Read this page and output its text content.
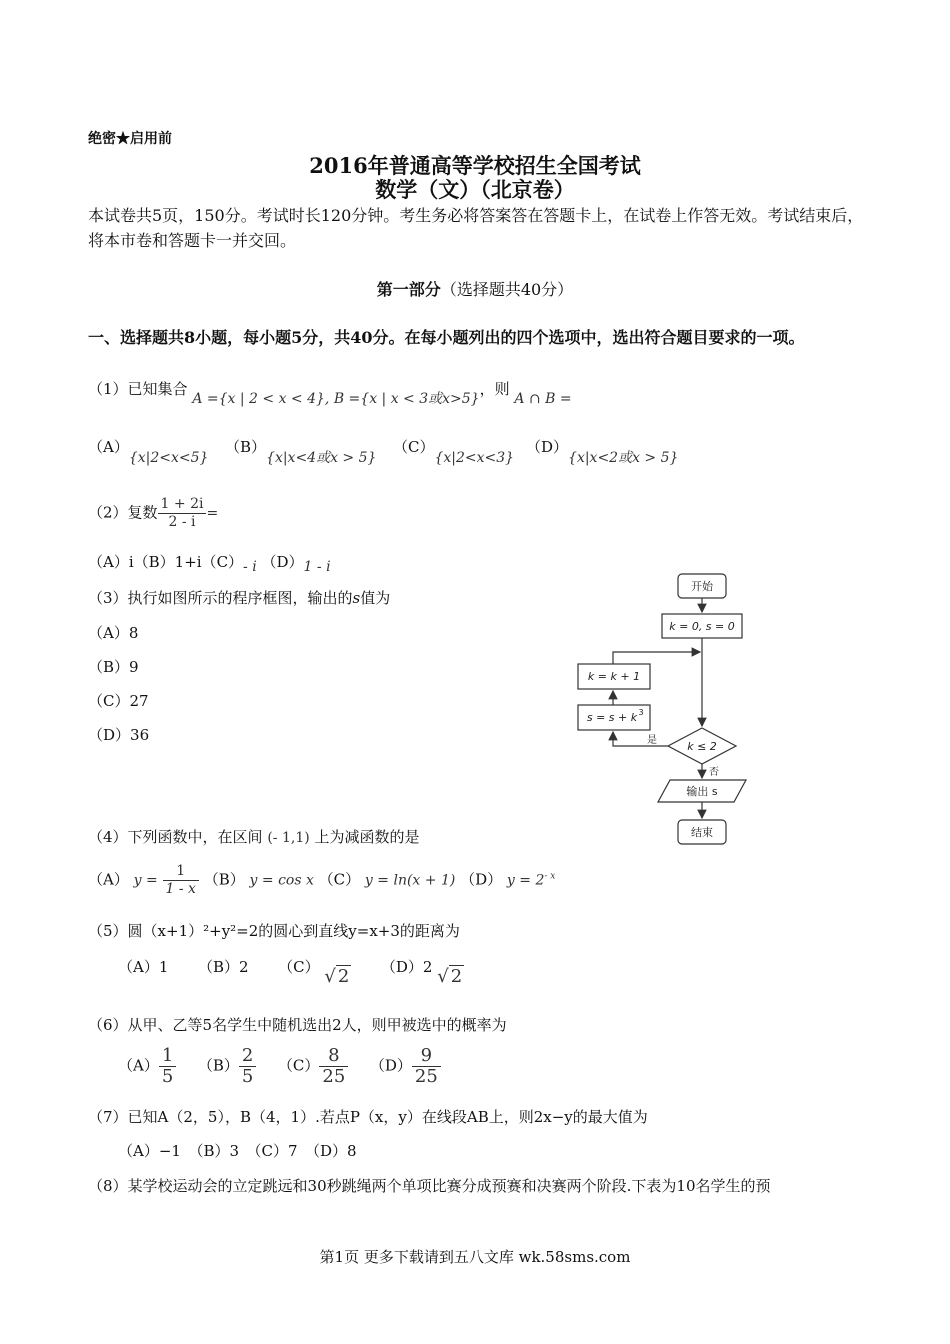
绝密★启用前
2016年普通高等学校招生全国考试
数学（文）（北京卷）
本试卷共5页，150分。考试时长120分钟。考生务必将答案答在答题卡上，在试卷上作答无效。考试结束后，将本市卷和答题卡一并交回。
第一部分（选择题共40分）
一、选择题共8小题，每小题5分，共40分。在每小题列出的四个选项中，选出符合题目要求的一项。
（1）已知集合 A ={x | 2 < x < 4}, B ={x | x < 3或x>5}，则 A ∩ B =
（A）{x|2<x<5}
（B）{x|x<4或x > 5}
（C）{x|2<x<3}
（D）{x|x<2或x > 5}
（2）复数 $\frac{1 + 2i}{2 - i}$ =
（A）i（B）1+i（C）- i （D）1 - i
（3）执行如图所示的程序框图，输出的s值为
（A）8
（B）9
（C）27
（D）36
开始
k = 0, s = 0
k ≤ 2
k = k + 1
s = s + k 3
是
否
输出 s
结束
（4）下列函数中，在区间 (- 1,1) 上为减函数的是
（A） $y = \frac{1}{1 - x} (B) y = \cos x$ （C） y = ln(x + 1) （D） $y = 2^{- x}$
（5）圆（x+1）²+y²=2的圆心到直线y=x+3的距离为
（A）1 （B）2 （C） √ 2 （D）2 √ 2
（6）从甲、乙等5名学生中随机选出2人，则甲被选中的概率为
$(A) \frac{1}{5} (B) \frac{2}{5} (C) \frac{8}{25} (D) \frac{9}{25}$
（7）已知A（2，5），B（4，1）.若点P（x，y）在线段AB上，则2x−y的最大值为
（A）−1　（B）3　（C）7　（D）8
（8）某学校运动会的立定跳远和30秒跳绳两个单项比赛分成预赛和决赛两个阶段.下表为10名学生的预
第1页 更多下载请到五八文库 wk.58sms.com
